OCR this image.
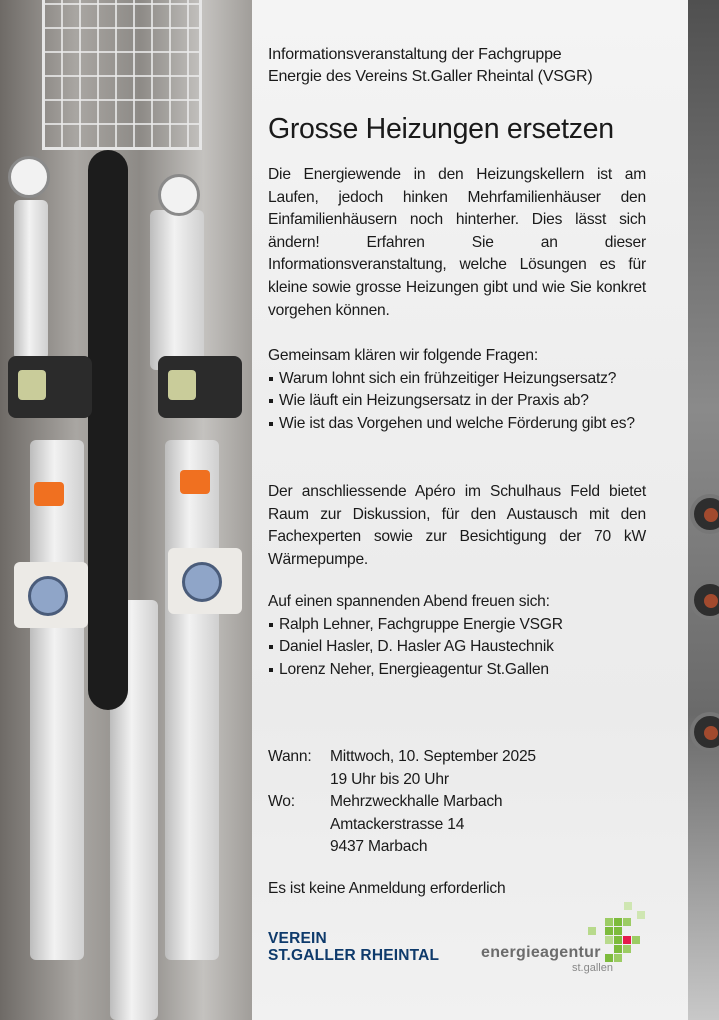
Informationsveranstaltung der Fachgruppe
Energie des Vereins St.Galler Rheintal (VSGR)
Grosse Heizungen ersetzen
Die Energiewende in den Heizungskellern ist am Laufen, jedoch hinken Mehrfamilienhäuser den Einfamilienhäusern noch hinterher. Dies lässt sich ändern! Erfahren Sie an dieser Informationsveranstaltung, welche Lösungen es für kleine sowie grosse Heizungen gibt und wie Sie konkret vorgehen können.
Gemeinsam klären wir folgende Fragen:
Warum lohnt sich ein frühzeitiger Heizungsersatz?
Wie läuft ein Heizungsersatz in der Praxis ab?
Wie ist das Vorgehen und welche Förderung gibt es?
Der anschliessende Apéro im Schulhaus Feld bietet Raum zur Diskussion, für den Austausch mit den Fachexperten sowie zur Besichtigung der 70 kW Wärmepumpe.
Auf einen spannenden Abend freuen sich:
Ralph Lehner, Fachgruppe Energie VSGR
Daniel Hasler, D. Hasler AG Haustechnik
Lorenz Neher, Energieagentur St.Gallen
Wann:	Mittwoch, 10. September 2025
19 Uhr bis 20 Uhr
Wo:	Mehrzweckhalle Marbach
Amtackerstrasse 14
9437 Marbach
Es ist keine Anmeldung erforderlich
VEREIN
ST.GALLER RHEINTAL	energieagentur
st.gallen
